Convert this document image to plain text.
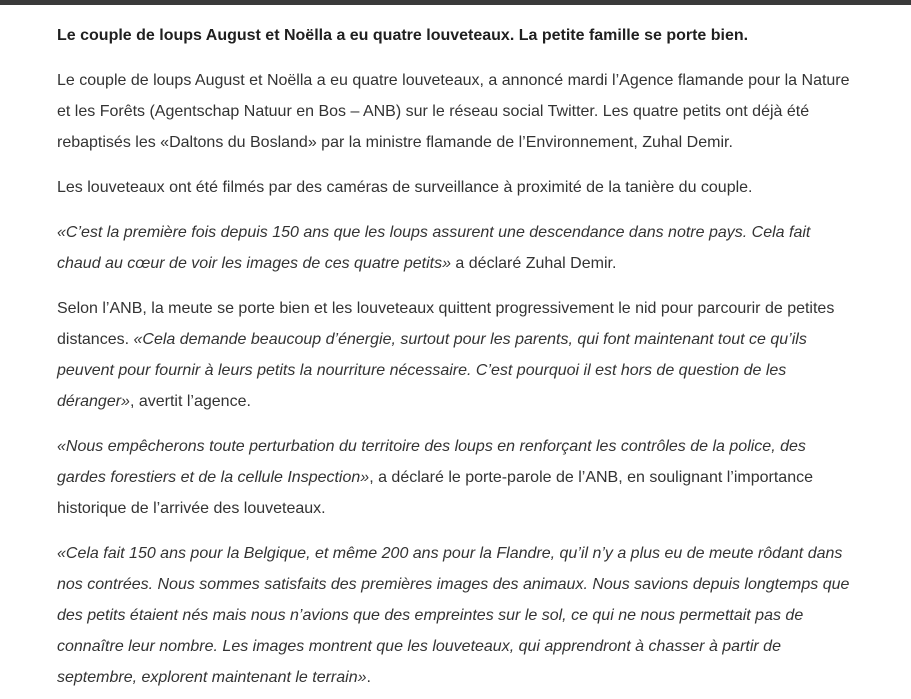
Le couple de loups August et Noëlla a eu quatre louveteaux. La petite famille se porte bien.

Le couple de loups August et Noëlla a eu quatre louveteaux, a annoncé mardi l’Agence flamande pour la Nature et les Forêts (Agentschap Natuur en Bos – ANB) sur le réseau social Twitter. Les quatre petits ont déjà été rebaptisés les «Daltons du Bosland» par la ministre flamande de l’Environnement, Zuhal Demir.

Les louveteaux ont été filmés par des caméras de surveillance à proximité de la tanière du couple.

«C’est la première fois depuis 150 ans que les loups assurent une descendance dans notre pays. Cela fait chaud au cœur de voir les images de ces quatre petits» a déclaré Zuhal Demir.

Selon l’ANB, la meute se porte bien et les louveteaux quittent progressivement le nid pour parcourir de petites distances. «Cela demande beaucoup d’énergie, surtout pour les parents, qui font maintenant tout ce qu’ils peuvent pour fournir à leurs petits la nourriture nécessaire. C’est pourquoi il est hors de question de les déranger», avertit l’agence.

«Nous empêcherons toute perturbation du territoire des loups en renforçant les contrôles de la police, des gardes forestiers et de la cellule Inspection», a déclaré le porte-parole de l’ANB, en soulignant l’importance historique de l’arrivée des louveteaux.

«Cela fait 150 ans pour la Belgique, et même 200 ans pour la Flandre, qu’il n’y a plus eu de meute rôdant dans nos contrées. Nous sommes satisfaits des premières images des animaux. Nous savions depuis longtemps que des petits étaient nés mais nous n’avions que des empreintes sur le sol, ce qui ne nous permettait pas de connaître leur nombre. Les images montrent que les louveteaux, qui apprendront à chasser à partir de septembre, explorent maintenant le terrain».
